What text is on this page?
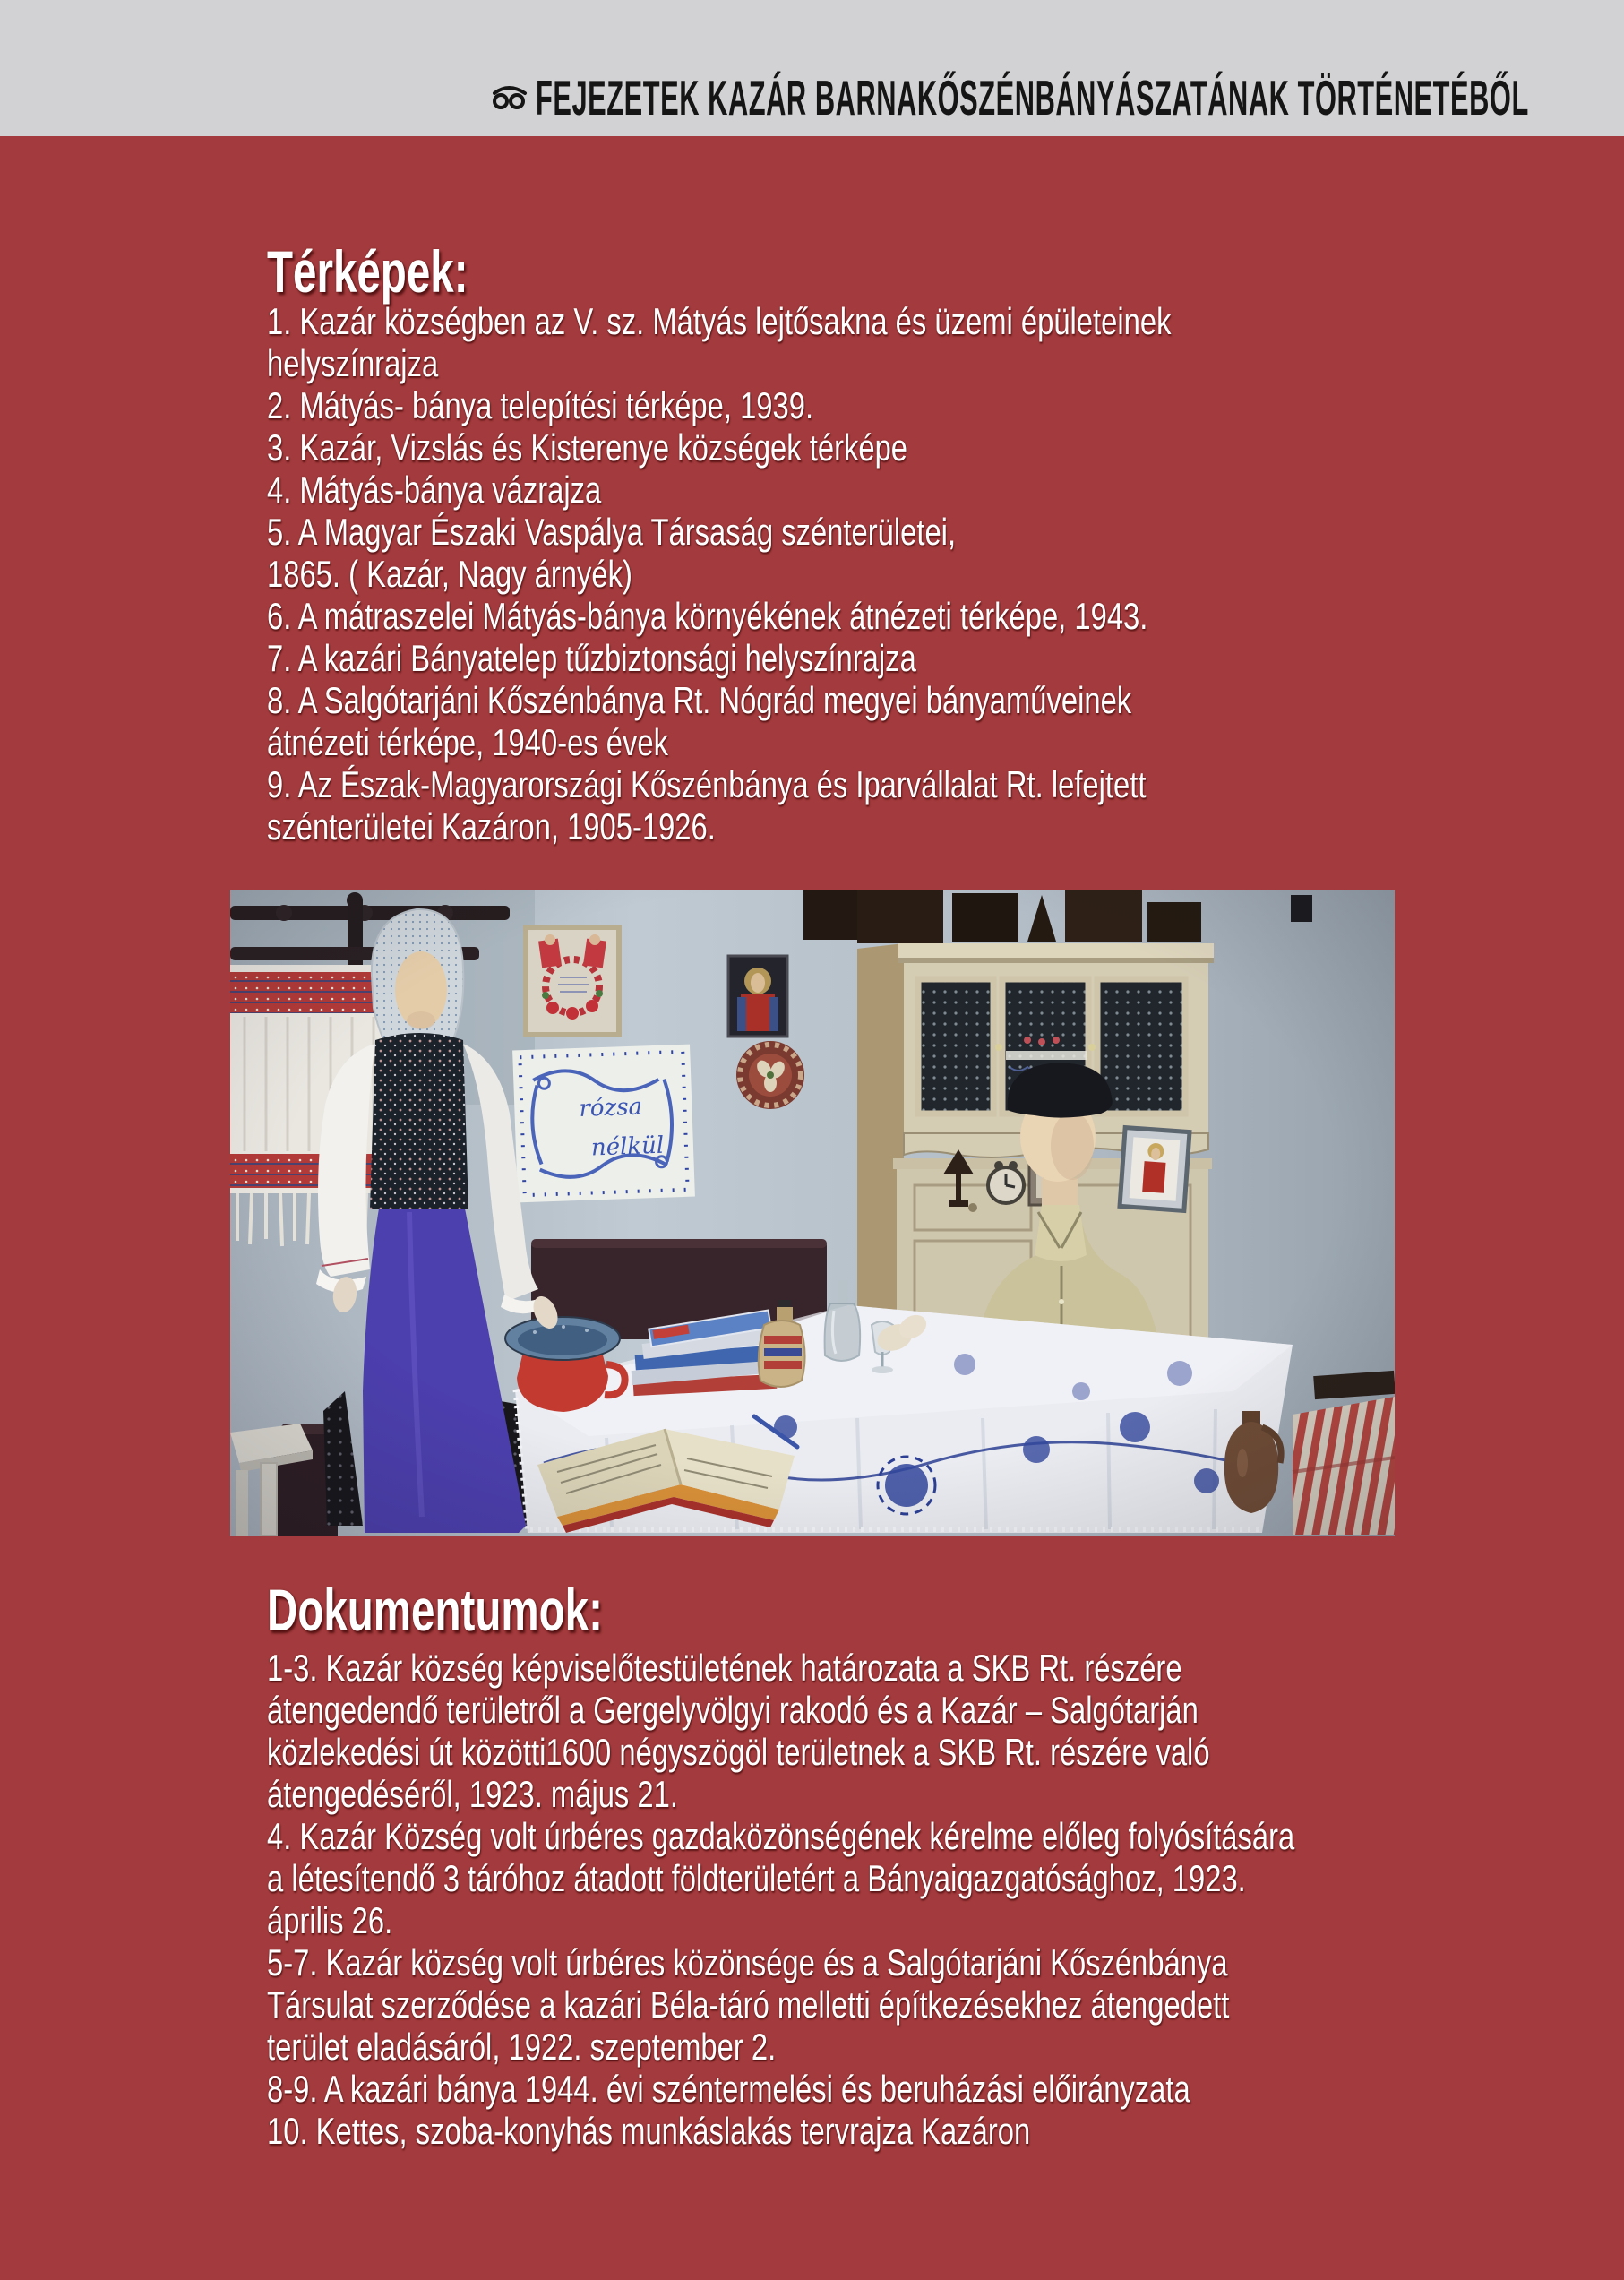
FEJEZETEK KAZÁR BARNAKŐSZÉNBÁNYÁSZATÁNAK TÖRTÉNETÉBŐL
Térképek:
1. Kazár községben az V. sz. Mátyás lejtősakna és üzemi épületeinek
helyszínrajza
2. Mátyás- bánya telepítési térképe, 1939.
3. Kazár, Vizslás és Kisterenye községek térképe
4. Mátyás-bánya vázrajza
5. A Magyar Északi Vaspálya Társaság szénterületei,
1865. ( Kazár, Nagy árnyék)
6. A mátraszelei Mátyás-bánya környékének átnézeti térképe, 1943.
7. A kazári Bányatelep tűzbiztonsági helyszínrajza
8. A Salgótarjáni Kőszénbánya Rt. Nógrád megyei bányaműveinek
átnézeti térképe, 1940-es évek
9. Az Észak-Magyarországi Kőszénbánya és Iparvállalat Rt. lefejtett
szénterületei Kazáron, 1905-1926.
Dokumentumok:
1-3. Kazár község képviselőtestületének határozata a SKB Rt. részére
átengedendő területről a Gergelyvölgyi rakodó és a Kazár – Salgótarján
közlekedési út közötti1600 négyszögöl területnek a SKB Rt. részére való
átengedéséről, 1923. május 21.
4. Kazár Község volt úrbéres gazdaközönségének kérelme előleg folyósítására
a létesítendő 3 táróhoz átadott földterületért a Bányaigazgatósághoz, 1923.
április 26.
5-7. Kazár község volt úrbéres közönsége és a Salgótarjáni Kőszénbánya
Társulat szerződése a kazári Béla-táró melletti építkezésekhez átengedett
terület eladásáról, 1922. szeptember 2.
8-9. A kazári bánya 1944. évi széntermelési és beruházási előirányzata
10. Kettes, szoba-konyhás munkáslakás tervrajza Kazáron
